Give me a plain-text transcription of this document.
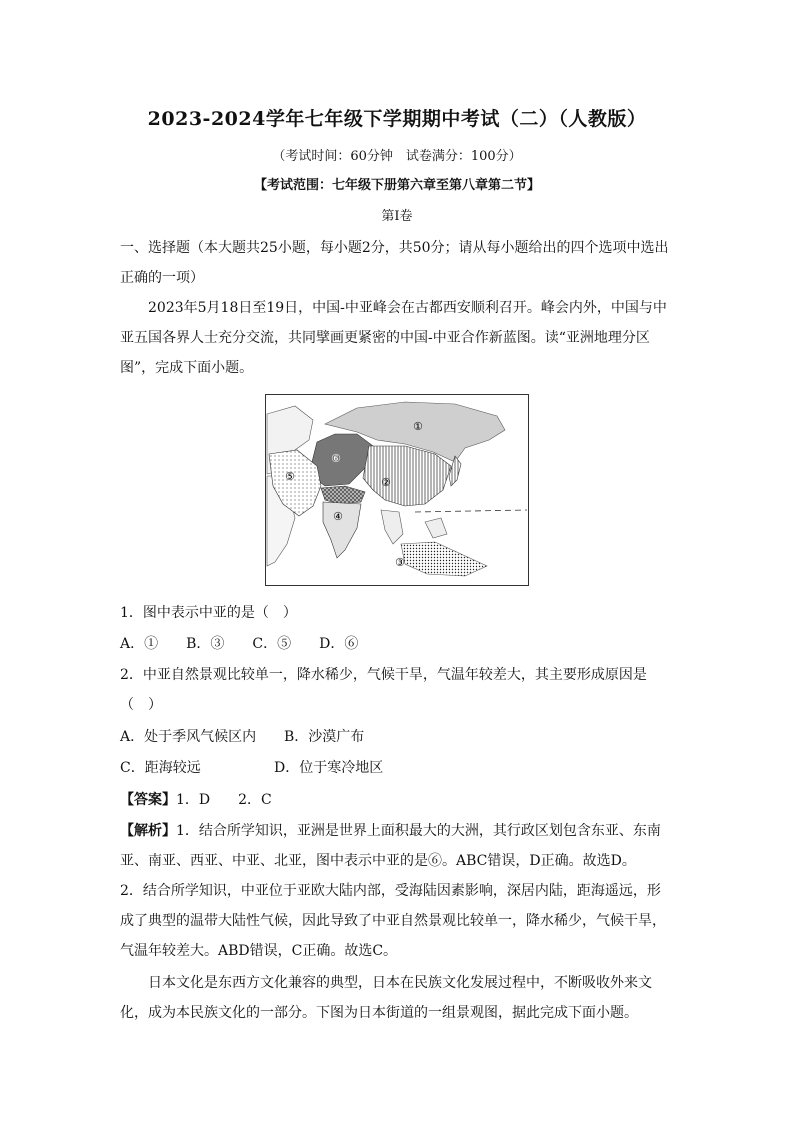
2023-2024学年七年级下学期期中考试（二）（人教版）
（考试时间：60分钟　试卷满分：100分）
【考试范围：七年级下册第六章至第八章第二节】
第Ⅰ卷
一、选择题（本大题共25小题，每小题2分，共50分；请从每小题给出的四个选项中选出正确的一项）
2023年5月18日至19日，中国-中亚峰会在古都西安顺利召开。峰会内外，中国与中亚五国各界人士充分交流，共同擘画更紧密的中国-中亚合作新蓝图。读“亚洲地理分区图”，完成下面小题。
①
②
③
④
⑤
⑥
1．图中表示中亚的是（　）
A．①　　B．③　　C．⑤　　D．⑥
2．中亚自然景观比较单一，降水稀少，气候干旱，气温年较差大，其主要形成原因是
（　）
A．处于季风气候区内 B．沙漠广布
C．距海较远	D．位于寒冷地区
【答案】1．D　　2．C
【解析】1．结合所学知识，亚洲是世界上面积最大的大洲，其行政区划包含东亚、东南亚、南亚、西亚、中亚、北亚，图中表示中亚的是⑥。ABC错误，D正确。故选D。
2．结合所学知识，中亚位于亚欧大陆内部，受海陆因素影响，深居内陆，距海遥远，形成了典型的温带大陆性气候，因此导致了中亚自然景观比较单一，降水稀少，气候干旱，气温年较差大。ABD错误，C正确。故选C。
日本文化是东西方文化兼容的典型，日本在民族文化发展过程中，不断吸收外来文化，成为本民族文化的一部分。下图为日本街道的一组景观图，据此完成下面小题。
